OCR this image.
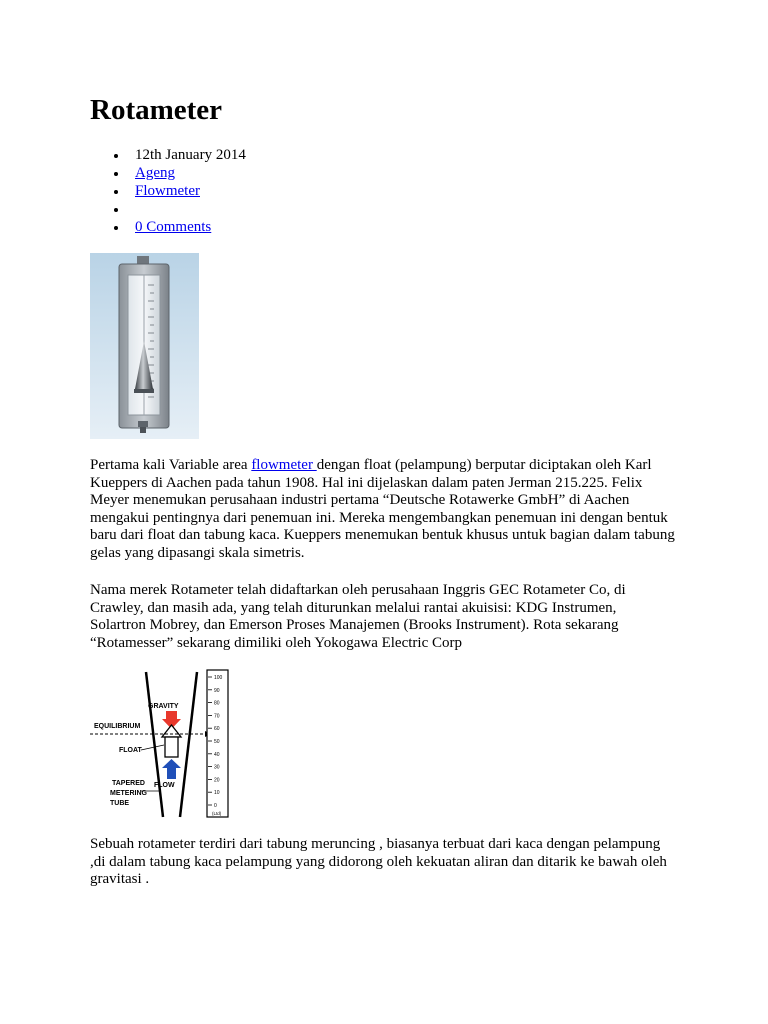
Rotameter
12th January 2014
Ageng
Flowmeter
0 Comments

Pertama kali Variable area flowmeter dengan float (pelampung) berputar diciptakan oleh Karl
Kueppers di Aachen pada tahun 1908. Hal ini dijelaskan dalam paten Jerman 215.225. Felix
Meyer menemukan perusahaan industri pertama “Deutsche Rotawerke GmbH” di Aachen
mengakui pentingnya dari penemuan ini. Mereka mengembangkan penemuan ini dengan bentuk
baru dari float dan tabung kaca. Kueppers menemukan bentuk khusus untuk bagian dalam tabung
gelas yang dipasangi skala simetris.

Nama merek Rotameter telah didaftarkan oleh perusahaan Inggris GEC Rotameter Co, di
Crawley, dan masih ada, yang telah diturunkan melalui rantai akuisisi: KDG Instrumen,
Solartron Mobrey, dan Emerson Proses Manajemen (Brooks Instrument). Rota sekarang
“Rotamesser” sekarang dimiliki oleh Yokogawa Electric Corp

GRAVITY
EQUILIBRIUM
FLOAT
FLOW
TAPERED
METERING
TUBE
100
90
80
70
60
50
40
30
20
10
0
(Ltd)

Sebuah rotameter terdiri dari tabung meruncing , biasanya terbuat dari kaca dengan pelampung
,di dalam tabung kaca pelampung yang didorong oleh kekuatan aliran dan ditarik ke bawah oleh
gravitasi .
